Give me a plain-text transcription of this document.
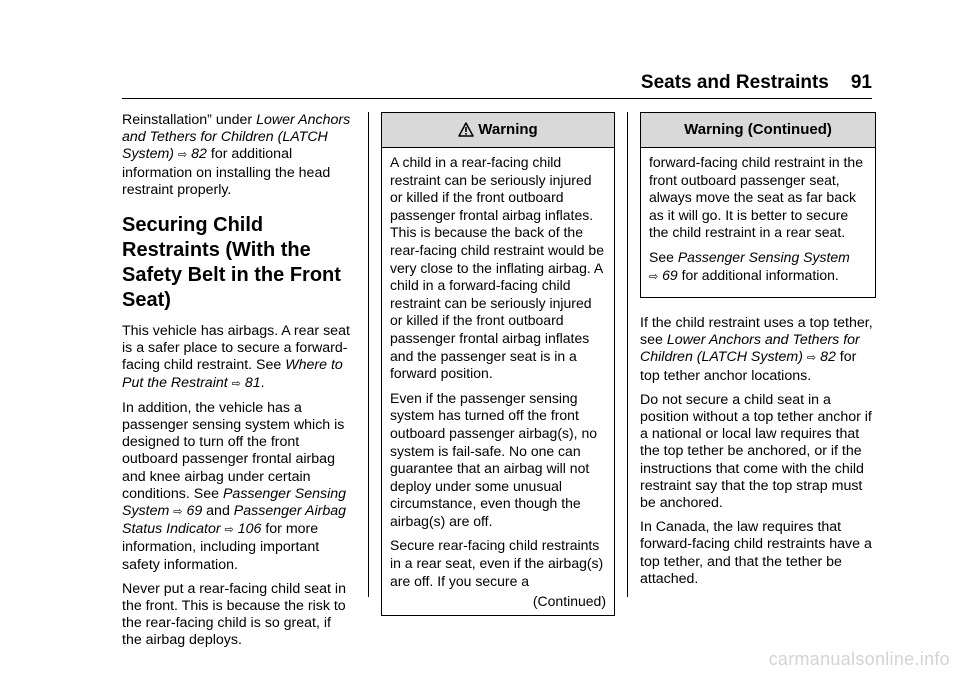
Seats and Restraints 91

Reinstallation” under Lower Anchors and Tethers for Children (LATCH System) ⇨ 82 for additional information on installing the head restraint properly.

Securing Child Restraints (With the Safety Belt in the Front Seat)

This vehicle has airbags. A rear seat is a safer place to secure a forward-facing child restraint. See Where to Put the Restraint ⇨ 81.

In addition, the vehicle has a passenger sensing system which is designed to turn off the front outboard passenger frontal airbag and knee airbag under certain conditions. See Passenger Sensing System ⇨ 69 and Passenger Airbag Status Indicator ⇨ 106 for more information, including important safety information.

Never put a rear-facing child seat in the front. This is because the risk to the rear-facing child is so great, if the airbag deploys.

Warning

A child in a rear-facing child restraint can be seriously injured or killed if the front outboard passenger frontal airbag inflates. This is because the back of the rear-facing child restraint would be very close to the inflating airbag. A child in a forward-facing child restraint can be seriously injured or killed if the front outboard passenger frontal airbag inflates and the passenger seat is in a forward position.

Even if the passenger sensing system has turned off the front outboard passenger airbag(s), no system is fail-safe. No one can guarantee that an airbag will not deploy under some unusual circumstance, even though the airbag(s) are off.

Secure rear-facing child restraints in a rear seat, even if the airbag(s) are off. If you secure a

(Continued)
Warning (Continued)

forward-facing child restraint in the front outboard passenger seat, always move the seat as far back as it will go. It is better to secure the child restraint in a rear seat.

See Passenger Sensing System
⇨ 69 for additional information.

If the child restraint uses a top tether, see Lower Anchors and Tethers for Children (LATCH System) ⇨ 82 for top tether anchor locations.

Do not secure a child seat in a position without a top tether anchor if a national or local law requires that the top tether be anchored, or if the instructions that come with the child restraint say that the top strap must be anchored.

In Canada, the law requires that forward-facing child restraints have a top tether, and that the tether be attached.

carmanualsonline.info
